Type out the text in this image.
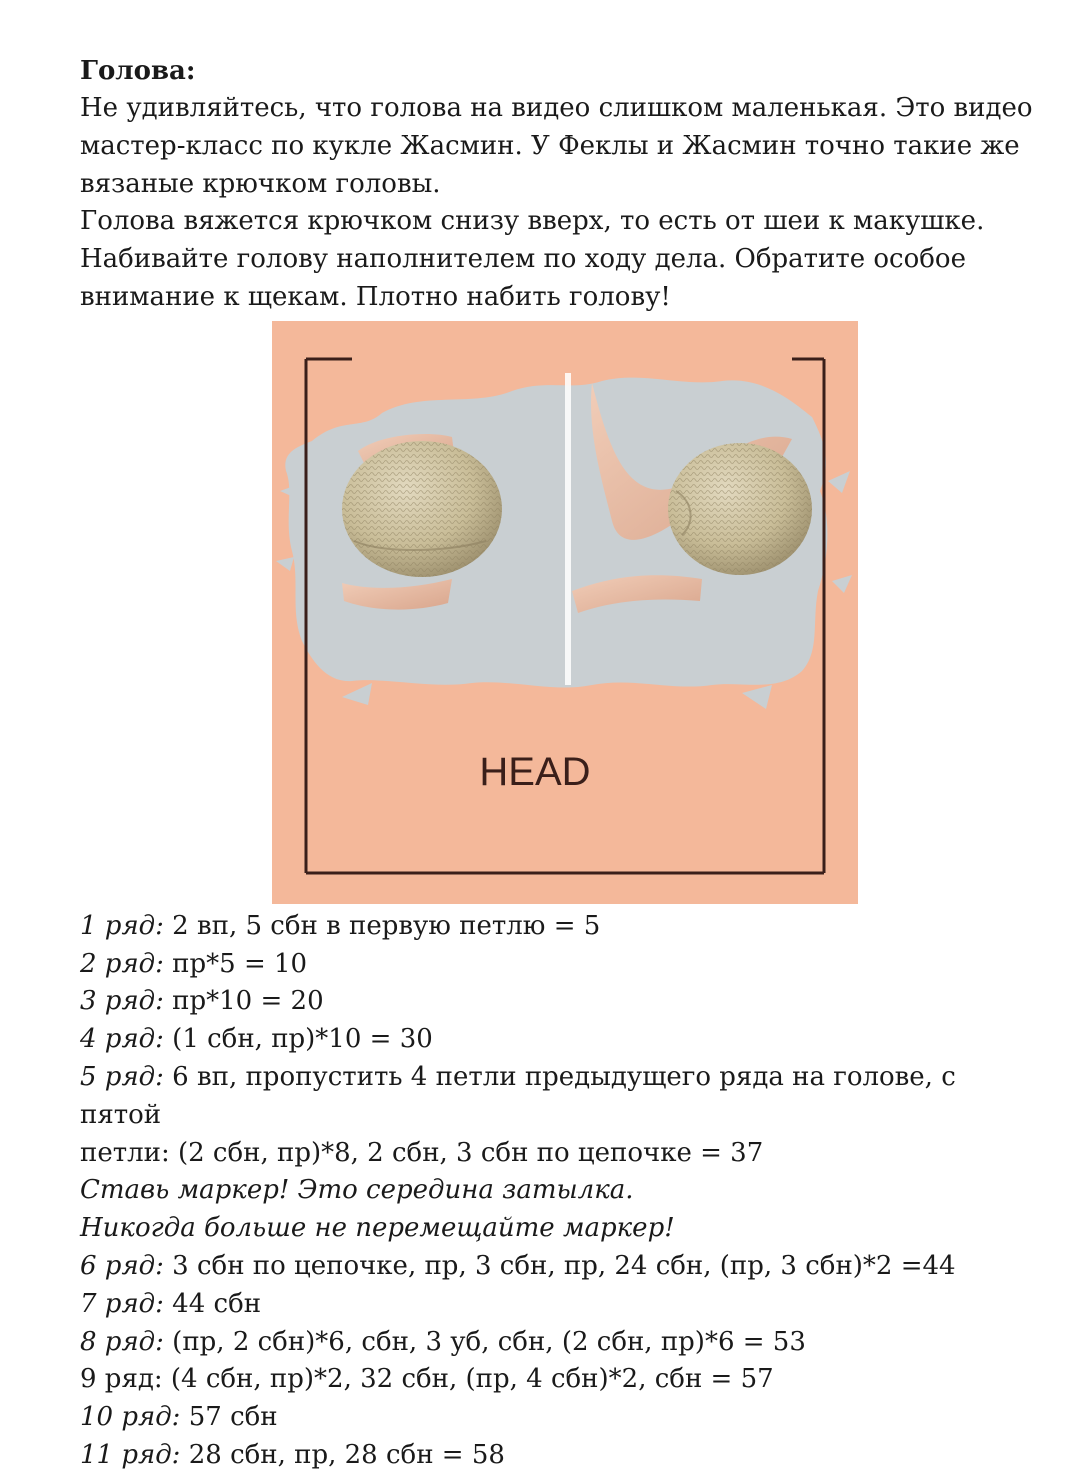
Голова:
Не удивляйтесь, что голова на видео слишком маленькая. Это видео
мастер-класс по кукле Жасмин. У Феклы и Жасмин точно такие же
вязаные крючком головы.
Голова вяжется крючком снизу вверх, то есть от шеи к макушке.
Набивайте голову наполнителем по ходу дела. Обратите особое
внимание к щекам. Плотно набить голову!
HEAD
1 ряд: 2 вп, 5 сбн в первую петлю = 5
2 ряд: пр*5 = 10
3 ряд: пр*10 = 20
4 ряд: (1 сбн, пр)*10 = 30
5 ряд: 6 вп, пропустить 4 петли предыдущего ряда на голове, с пятой
петли: (2 сбн, пр)*8, 2 сбн, 3 сбн по цепочке = 37
Ставь маркер! Это середина затылка.
Никогда больше не перемещайте маркер!
6 ряд: 3 сбн по цепочке, пр, 3 сбн, пр, 24 сбн, (пр, 3 сбн)*2 =44
7 ряд: 44 сбн
8 ряд: (пр, 2 сбн)*6, сбн, 3 уб, сбн, (2 сбн, пр)*6 = 53
9 ряд: (4 сбн, пр)*2, 32 сбн, (пр, 4 сбн)*2, сбн = 57
10 ряд: 57 сбн
11 ряд: 28 сбн, пр, 28 сбн = 58
